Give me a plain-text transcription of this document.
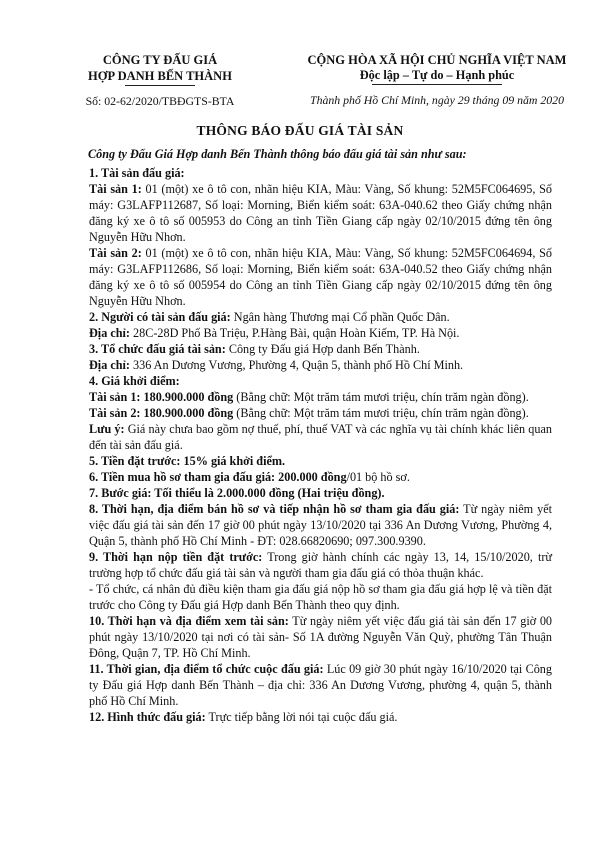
CÔNG TY ĐẤU GIÁ
HỢP DANH BẾN THÀNH
Số: 02-62/2020/TBĐGTS-BTA
CỘNG HÒA XÃ HỘI CHỦ NGHĨA VIỆT NAM
Độc lập – Tự do – Hạnh phúc
Thành phố Hồ Chí Minh, ngày 29 tháng 09 năm 2020
THÔNG BÁO ĐẤU GIÁ TÀI SẢN
Công ty Đấu Giá Hợp danh Bến Thành thông báo đấu giá tài sản như sau:

1. Tài sản đấu giá:

Tài sản 1: 01 (một) xe ô tô con, nhãn hiệu KIA, Màu: Vàng, Số khung: 52M5FC064695, Số máy: G3LAFP112687, Số loại: Morning, Biển kiểm soát: 63A-040.62 theo Giấy chứng nhận đăng ký xe ô tô số 005953 do Công an tỉnh Tiền Giang cấp ngày 02/10/2015 đứng tên ông Nguyễn Hữu Nhơn.

Tài sản 2: 01 (một) xe ô tô con, nhãn hiệu KIA, Màu: Vàng, Số khung: 52M5FC064694, Số máy: G3LAFP112686, Số loại: Morning, Biển kiểm soát: 63A-040.52 theo Giấy chứng nhận đăng ký xe ô tô số 005954 do Công an tỉnh Tiền Giang cấp ngày 02/10/2015 đứng tên ông Nguyễn Hữu Nhơn.

2. Người có tài sản đấu giá: Ngân hàng Thương mại Cổ phần Quốc Dân.

Địa chỉ: 28C-28D Phố Bà Triệu, P.Hàng Bài, quận Hoàn Kiếm, TP. Hà Nội.

3. Tổ chức đấu giá tài sản: Công ty Đấu giá Hợp danh Bến Thành.

Địa chỉ: 336 An Dương Vương, Phường 4, Quận 5, thành phố Hồ Chí Minh.

4. Giá khởi điểm:

Tài sản 1: 180.900.000 đồng (Bằng chữ: Một trăm tám mươi triệu, chín trăm ngàn đồng).

Tài sản 2: 180.900.000 đồng (Bằng chữ: Một trăm tám mươi triệu, chín trăm ngàn đồng).

Lưu ý: Giá này chưa bao gồm nợ thuế, phí, thuế VAT và các nghĩa vụ tài chính khác liên quan đến tài sản đấu giá.

5. Tiền đặt trước: 15% giá khởi điểm.

6. Tiền mua hồ sơ tham gia đấu giá: 200.000 đồng/01 bộ hồ sơ.

7. Bước giá: Tối thiểu là 2.000.000 đồng (Hai triệu đồng).

8. Thời hạn, địa điểm bán hồ sơ và tiếp nhận hồ sơ tham gia đấu giá: Từ ngày niêm yết việc đấu giá tài sản đến 17 giờ 00 phút ngày 13/10/2020 tại 336 An Dương Vương, Phường 4, Quận 5, thành phố Hồ Chí Minh - ĐT: 028.66820690; 097.300.9390.

9. Thời hạn nộp tiền đặt trước: Trong giờ hành chính các ngày 13, 14, 15/10/2020, trừ trường hợp tổ chức đấu giá tài sản và người tham gia đấu giá có thỏa thuận khác.

- Tổ chức, cá nhân đủ điều kiện tham gia đấu giá nộp hồ sơ tham gia đấu giá hợp lệ và tiền đặt trước cho Công ty Đấu giá Hợp danh Bến Thành theo quy định.

10. Thời hạn và địa điểm xem tài sản: Từ ngày niêm yết việc đấu giá tài sản đến 17 giờ 00 phút ngày 13/10/2020 tại nơi có tài sản- Số 1A đường Nguyễn Văn Quỳ, phường Tân Thuận Đông, Quận 7, TP. Hồ Chí Minh.

11. Thời gian, địa điểm tổ chức cuộc đấu giá: Lúc 09 giờ 30 phút ngày 16/10/2020 tại Công ty Đấu giá Hợp danh Bến Thành – địa chỉ: 336 An Dương Vương, phường 4, quận 5, thành phố Hồ Chí Minh.

12. Hình thức đấu giá: Trực tiếp bằng lời nói tại cuộc đấu giá.
